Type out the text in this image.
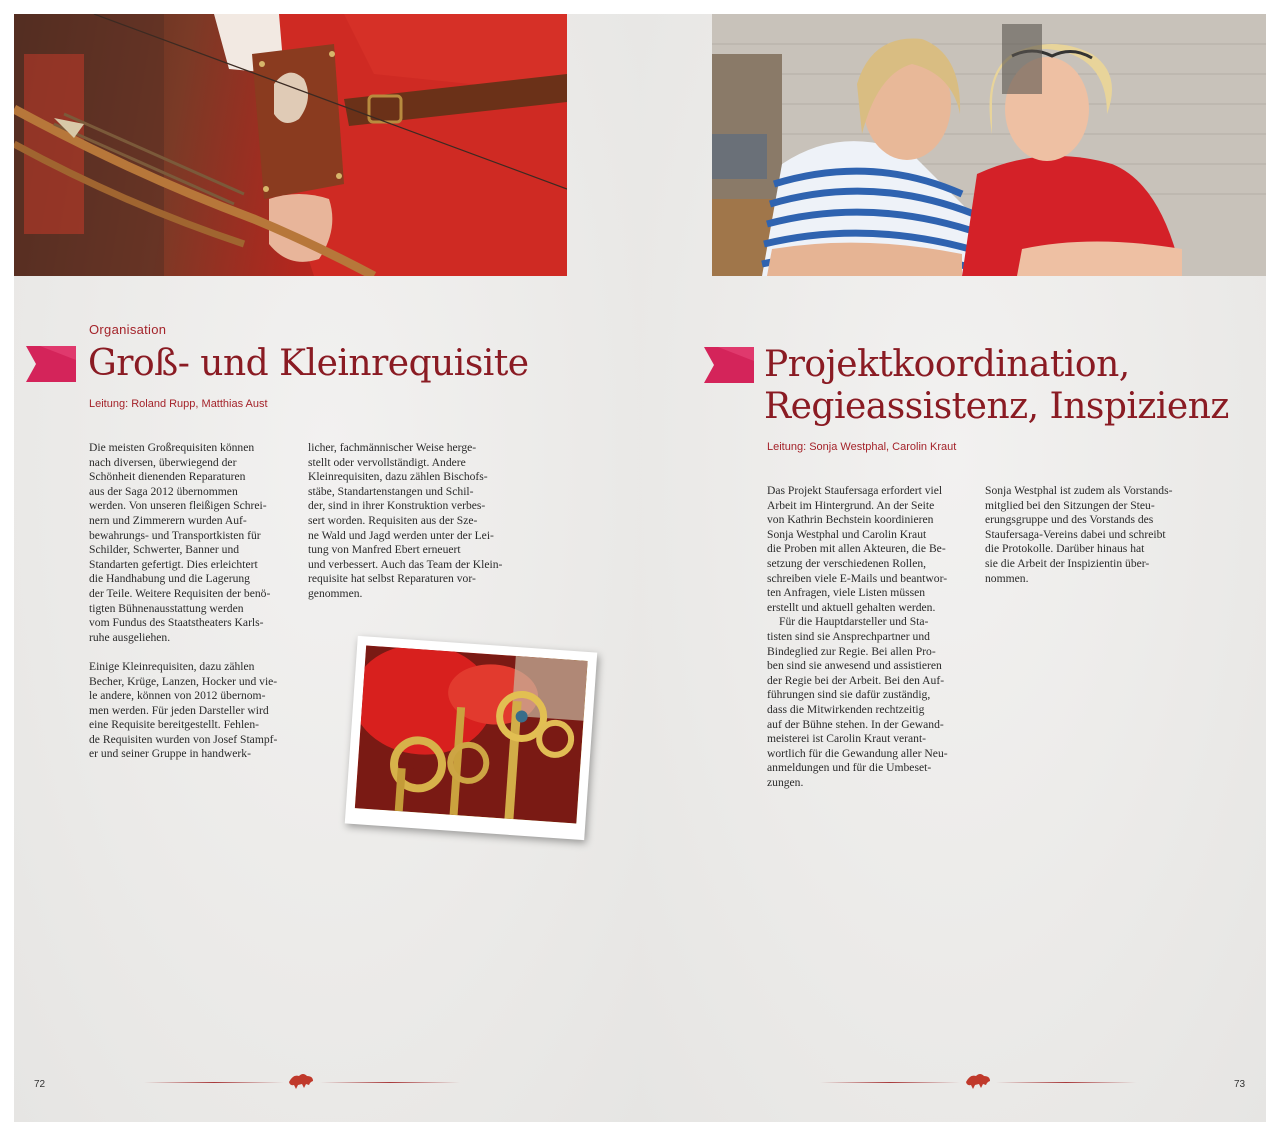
Organisation
Groß- und Kleinrequisite
Leitung: Roland Rupp, Matthias Aust

Die meisten Großrequisiten können
nach diversen, überwiegend der
Schönheit dienenden Reparaturen
aus der Saga 2012 übernommen
werden. Von unseren fleißigen Schrei-
nern und Zimmerern wurden Auf-
bewahrungs- und Transportkisten für
Schilder, Schwerter, Banner und
Standarten gefertigt. Dies erleichtert
die Handhabung und die Lagerung
der Teile. Weitere Requisiten der benö-
tigten Bühnenausstattung werden
vom Fundus des Staatstheaters Karls-
ruhe ausgeliehen.

Einige Kleinrequisiten, dazu zählen
Becher, Krüge, Lanzen, Hocker und vie-
le andere, können von 2012 übernom-
men werden. Für jeden Darsteller wird
eine Requisite bereitgestellt. Fehlen-
de Requisiten wurden von Josef Stampf-
er und seiner Gruppe in handwerk-

licher, fachmännischer Weise herge-
stellt oder vervollständigt. Andere
Kleinrequisiten, dazu zählen Bischofs-
stäbe, Standartenstangen und Schil-
der, sind in ihrer Konstruktion verbes-
sert worden. Requisiten aus der Sze-
ne Wald und Jagd werden unter der Lei-
tung von Manfred Ebert erneuert
und verbessert. Auch das Team der Klein-
requisite hat selbst Reparaturen vor-
genommen.

72
Projektkoordination,
Regieassistenz, Inspizienz
Leitung: Sonja Westphal, Carolin Kraut

Das Projekt Staufersaga erfordert viel
Arbeit im Hintergrund. An der Seite
von Kathrin Bechstein koordinieren
Sonja Westphal und Carolin Kraut
die Proben mit allen Akteuren, die Be-
setzung der verschiedenen Rollen,
schreiben viele E-Mails und beantwor-
ten Anfragen, viele Listen müssen
erstellt und aktuell gehalten werden.

Für die Hauptdarsteller und Sta-
tisten sind sie Ansprechpartner und
Bindeglied zur Regie. Bei allen Pro-
ben sind sie anwesend und assistieren
der Regie bei der Arbeit. Bei den Auf-
führungen sind sie dafür zuständig,
dass die Mitwirkenden rechtzeitig
auf der Bühne stehen. In der Gewand-
meisterei ist Carolin Kraut verant-
wortlich für die Gewandung aller Neu-
anmeldungen und für die Umbeset-
zungen.

Sonja Westphal ist zudem als Vorstands-
mitglied bei den Sitzungen der Steu-
erungsgruppe und des Vorstands des
Staufersaga-Vereins dabei und schreibt
die Protokolle. Darüber hinaus hat
sie die Arbeit der Inspizientin über-
nommen.

73
